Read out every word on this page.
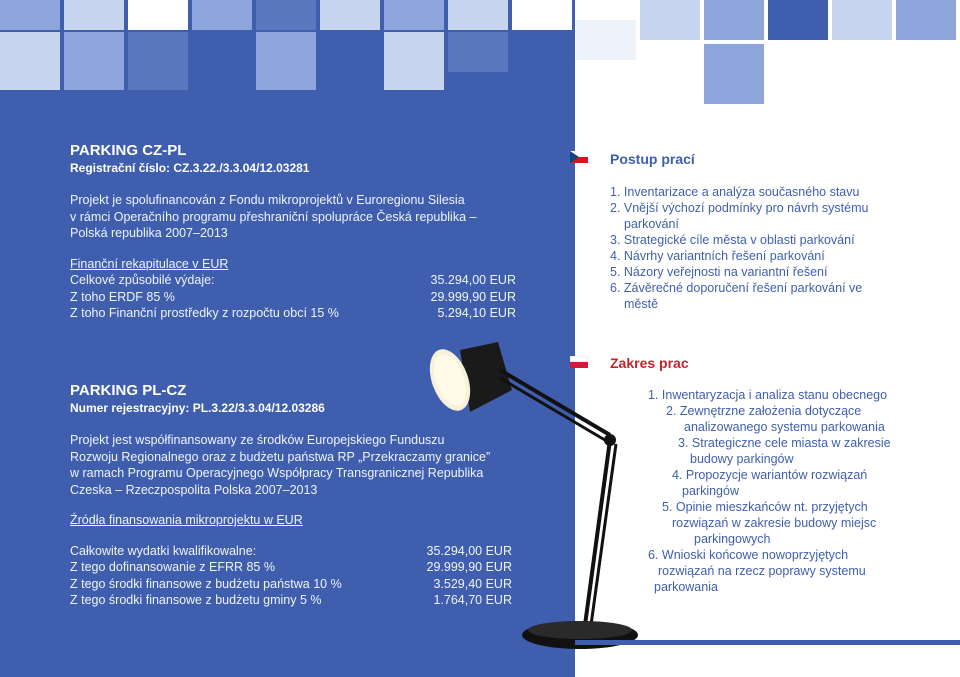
PARKING CZ-PL
Registrační číslo: CZ.3.22./3.3.04/12.03281
Projekt je spolufinancován z Fondu mikroprojektů v Euroregionu Silesia
v rámci Operačního programu přeshraniční spolupráce Česká republika –
Polská republika 2007–2013
Finanční rekapitulace v EUR
Celkové způsobilé výdaje:	35.294,00 EUR
Z toho ERDF 85 %	29.999,90 EUR
Z toho Finanční prostředky z rozpočtu obcí 15 %	5.294,10 EUR
PARKING PL-CZ
Numer rejestracyjny: PL.3.22/3.3.04/12.03286
Projekt jest współfinansowany ze środków Europejskiego Funduszu
Rozwoju Regionalnego oraz z budżetu państwa RP „Przekraczamy granice”
w ramach Programu Operacyjnego Współpracy Transgranicznej Republika
Czeska – Rzeczpospolita Polska 2007–2013
Źródła finansowania mikroprojektu w EUR
Całkowite wydatki kwalifikowalne:	35.294,00 EUR
Z tego dofinansowanie z EFRR 85 %	29.999,90 EUR
Z tego środki finansowe z budżetu państwa 10 %	3.529,40 EUR
Z tego środki finansowe z budżetu gminy 5 %	1.764,70 EUR
Postup prací
1. Inventarizace a analýza současného stavu
2. Vnější výchozí podmínky pro návrh systému
parkování
3. Strategické cíle města v oblasti parkování
4. Návrhy variantních řešení parkování
5. Názory veřejnosti na variantní řešení
6. Závěrečné doporučení řešení parkování ve
městě
Zakres prac
1. Inwentaryzacja i analiza stanu obecnego
2. Zewnętrzne założenia dotyczące
analizowanego systemu parkowania
3. Strategiczne cele miasta w zakresie
budowy parkingów
4. Propozycje wariantów rozwiązań
parkingów
5. Opinie mieszkańców nt. przyjętych
rozwiązań w zakresie budowy miejsc
parkingowych
6. Wnioski końcowe nowoprzyjętych
rozwiązań na rzecz poprawy systemu
parkowania
